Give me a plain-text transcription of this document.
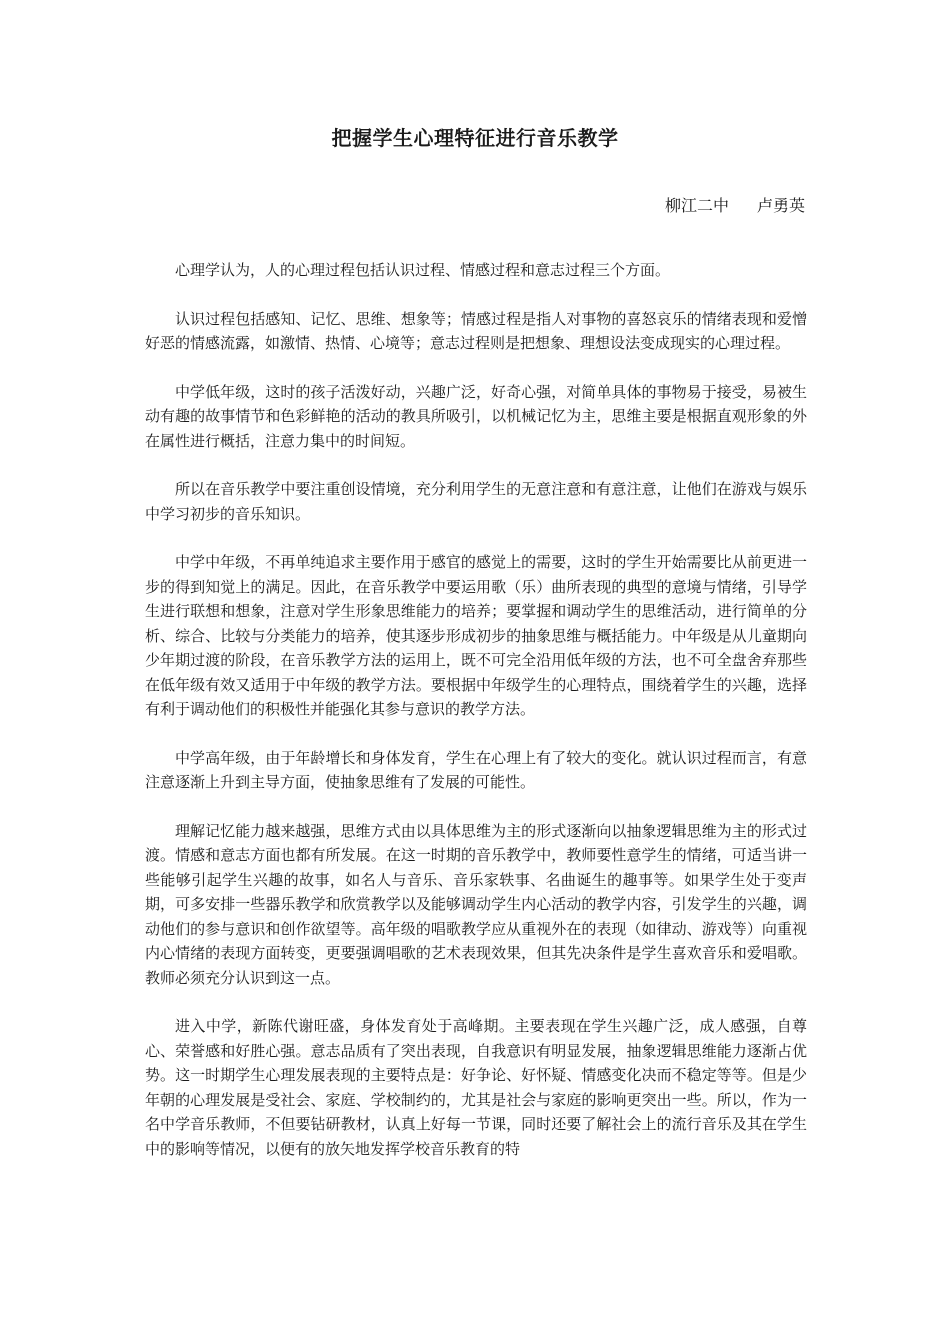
把握学生心理特征进行音乐教学

柳江二中 卢勇英

心理学认为，人的心理过程包括认识过程、情感过程和意志过程三个方面。

认识过程包括感知、记忆、思维、想象等；情感过程是指人对事物的喜怒哀乐的情绪表现和爱憎好恶的情感流露，如激情、热情、心境等；意志过程则是把想象、理想设法变成现实的心理过程。

中学低年级，这时的孩子活泼好动，兴趣广泛，好奇心强，对简单具体的事物易于接受，易被生动有趣的故事情节和色彩鲜艳的活动的教具所吸引，以机械记忆为主，思维主要是根据直观形象的外在属性进行概括，注意力集中的时间短。

所以在音乐教学中要注重创设情境，充分利用学生的无意注意和有意注意，让他们在游戏与娱乐中学习初步的音乐知识。

中学中年级，不再单纯追求主要作用于感官的感觉上的需要，这时的学生开始需要比从前更进一步的得到知觉上的满足。因此，在音乐教学中要运用歌（乐）曲所表现的典型的意境与情绪，引导学生进行联想和想象，注意对学生形象思维能力的培养；要掌握和调动学生的思维活动，进行简单的分析、综合、比较与分类能力的培养，使其逐步形成初步的抽象思维与概括能力。中年级是从儿童期向少年期过渡的阶段，在音乐教学方法的运用上，既不可完全沿用低年级的方法，也不可全盘舍弃那些在低年级有效又适用于中年级的教学方法。要根据中年级学生的心理特点，围绕着学生的兴趣，选择有利于调动他们的积极性并能强化其参与意识的教学方法。

中学高年级，由于年龄增长和身体发育，学生在心理上有了较大的变化。就认识过程而言，有意注意逐渐上升到主导方面，使抽象思维有了发展的可能性。

理解记忆能力越来越强，思维方式由以具体思维为主的形式逐渐向以抽象逻辑思维为主的形式过渡。情感和意志方面也都有所发展。在这一时期的音乐教学中，教师要性意学生的情绪，可适当讲一些能够引起学生兴趣的故事，如名人与音乐、音乐家轶事、名曲诞生的趣事等。如果学生处于变声期，可多安排一些器乐教学和欣赏教学以及能够调动学生内心活动的教学内容，引发学生的兴趣，调动他们的参与意识和创作欲望等。高年级的唱歌教学应从重视外在的表现（如律动、游戏等）向重视内心情绪的表现方面转变，更要强调唱歌的艺术表现效果，但其先决条件是学生喜欢音乐和爱唱歌。教师必须充分认识到这一点。

进入中学，新陈代谢旺盛，身体发育处于高峰期。主要表现在学生兴趣广泛，成人感强，自尊心、荣誉感和好胜心强。意志品质有了突出表现，自我意识有明显发展，抽象逻辑思维能力逐渐占优势。这一时期学生心理发展表现的主要特点是：好争论、好怀疑、情感变化决而不稳定等等。但是少年朝的心理发展是受社会、家庭、学校制约的，尤其是社会与家庭的影响更突出一些。所以，作为一名中学音乐教师，不但要钻研教材，认真上好每一节课，同时还要了解社会上的流行音乐及其在学生中的影响等情况，以便有的放矢地发挥学校音乐教育的特
